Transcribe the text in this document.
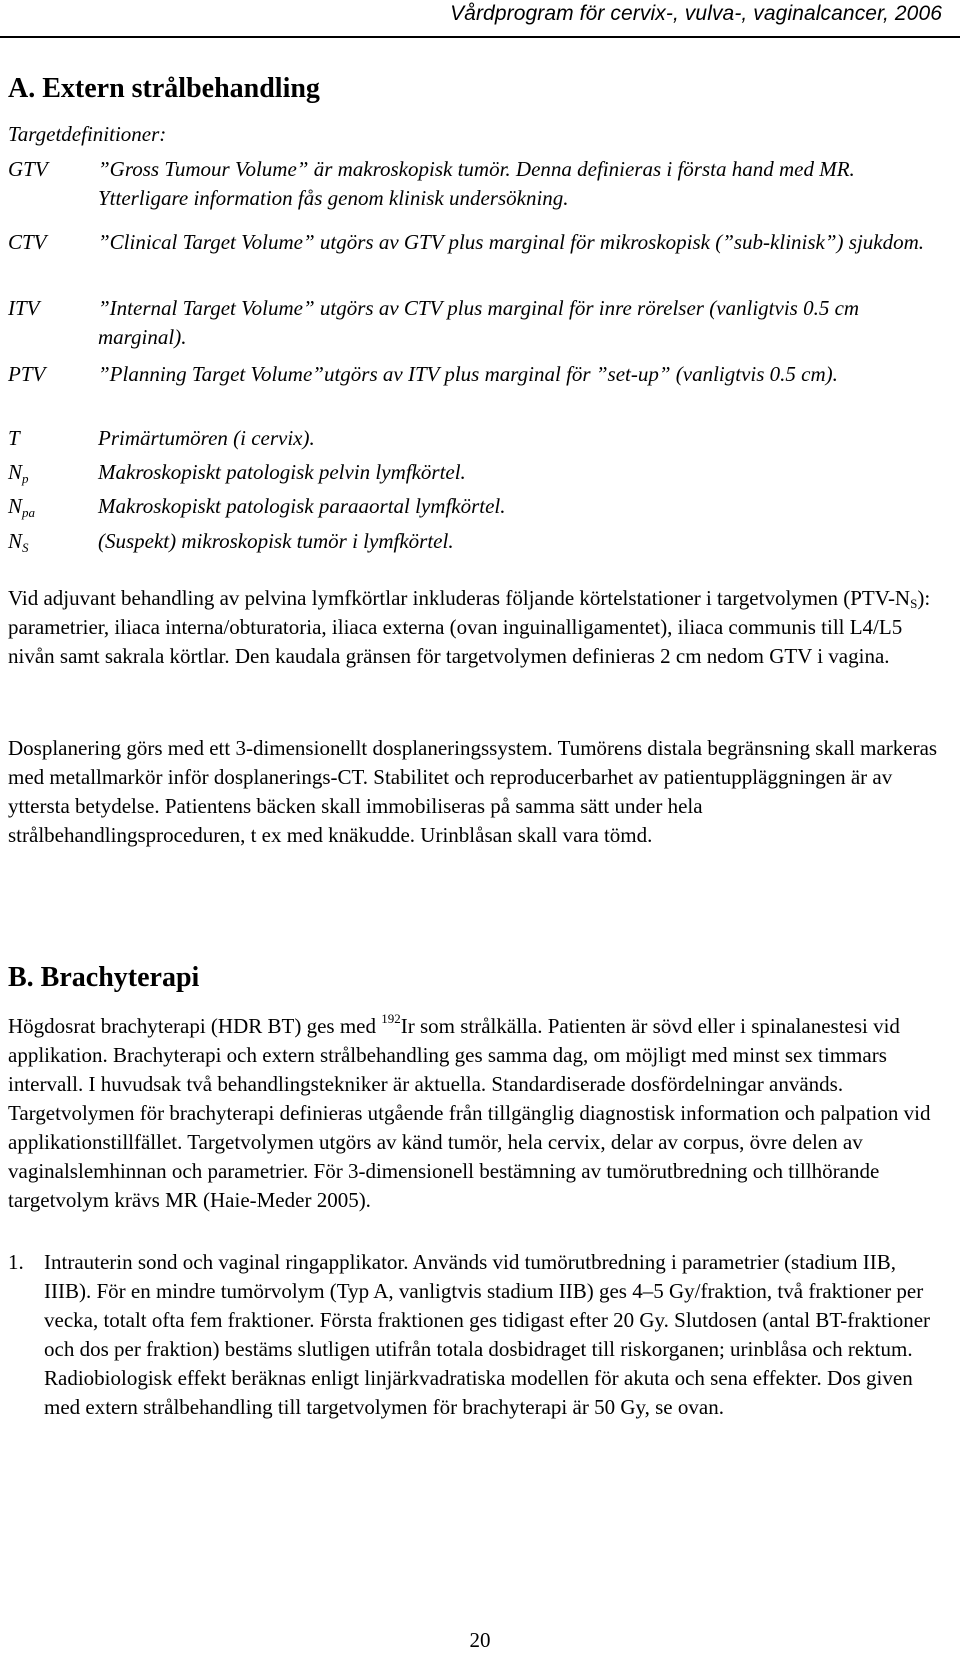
Vårdprogram för cervix-, vulva-, vaginalcancer, 2006
A. Extern strålbehandling
Targetdefinitioner:
GTV ”Gross Tumour Volume” är makroskopisk tumör. Denna definieras i första hand med MR. Ytterligare information fås genom klinisk undersökning.
CTV ”Clinical Target Volume” utgörs av GTV plus marginal för mikroskopisk (”sub-klinisk”) sjukdom.
ITV	”Internal Target Volume” utgörs av CTV plus marginal för inre rörelser (vanligtvis 0.5 cm marginal).
PTV	”Planning Target Volume”utgörs av ITV plus marginal för ”set-up” (vanligtvis 0.5 cm).
T	Primärtumören (i cervix).
$N_p$	Makroskopiskt patologisk pelvin lymfkörtel.
$N_{pa}$	Makroskopiskt patologisk paraaortal lymfkörtel.
$N_S$	(Suspekt) mikroskopisk tumör i lymfkörtel.
Vid adjuvant behandling av pelvina lymfkörtlar inkluderas följande körtelstationer i targetvolymen $(PTV-N_S)$: parametrier, iliaca interna/obturatoria, iliaca externa (ovan inguinalligamentet), iliaca communis till L4/L5 nivån samt sakrala körtlar. Den kaudala gränsen för targetvolymen definieras 2 cm nedom GTV i vagina.
Dosplanering görs med ett 3-dimensionellt dosplaneringssystem. Tumörens distala begränsning skall markeras med metallmarkör inför dosplanerings-CT. Stabilitet och reproducerbarhet av patientuppläggningen är av yttersta betydelse. Patientens bäcken skall immobiliseras på samma sätt under hela strålbehandlingsproceduren, t ex med knäkudde. Urinblåsan skall vara tömd.
B. Brachyterapi
Högdosrat brachyterapi (HDR BT) ges med $^{192}$Ir som strålkälla. Patienten är sövd eller i spinalanestesi vid applikation. Brachyterapi och extern strålbehandling ges samma dag, om möjligt med minst sex timmars intervall. I huvudsak två behandlingstekniker är aktuella. Standardiserade dosfördelningar används. Targetvolymen för brachyterapi definieras utgående från tillgänglig diagnostisk information och palpation vid applikationstillfället. Targetvolymen utgörs av känd tumör, hela cervix, delar av corpus, övre delen av vaginalslemhinnan och parametrier. För 3-dimensionell bestämning av tumörutbredning och tillhörande targetvolym krävs MR (Haie-Meder 2005).
1. Intrauterin sond och vaginal ringapplikator. Används vid tumörutbredning i parametrier (stadium IIB, IIIB). För en mindre tumörvolym (Typ A, vanligtvis stadium IIB) ges 4–5 Gy/fraktion, två fraktioner per vecka, totalt ofta fem fraktioner. Första fraktionen ges tidigast efter 20 Gy. Slutdosen (antal BT-fraktioner och dos per fraktion) bestäms slutligen utifrån totala dosbidraget till riskorganen; urinblåsa och rektum. Radiobiologisk effekt beräknas enligt linjärkvadratiska modellen för akuta och sena effekter. Dos given med extern strålbehandling till targetvolymen för brachyterapi är 50 Gy, se ovan.
20
